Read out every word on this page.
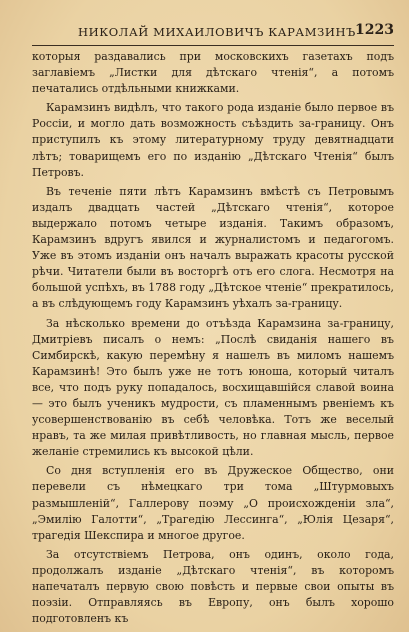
НИКОЛАЙ МИХАИЛОВИЧЪ КАРАМЗИНЪ 1223

которыя раздавались при московскихъ газетахъ подъ заглавіемъ „Листки для дѣтскаго чтенія“, а потомъ печатались отдѣльными книжками.

Карамзинъ видѣлъ, что такого рода изданіе было первое въ Россіи, и могло дать возможность съѣздить за-границу. Онъ приступилъ къ этому литературному труду девятнадцати лѣтъ; товарищемъ его по изданію „Дѣтскаго Чтенія“ былъ Петровъ.

Въ теченіе пяти лѣтъ Карамзинъ вмѣстѣ съ Петровымъ издалъ двадцать частей „Дѣтскаго чтенія“, которое выдержало потомъ четыре изданія. Такимъ образомъ, Карамзинъ вдругъ явился и журналистомъ и педагогомъ. Уже въ этомъ изданіи онъ началъ выражать красоты русской рѣчи. Читатели были въ восторгѣ отъ его слога. Несмотря на большой успѣхъ, въ 1788 году „Дѣтское чтеніе“ прекратилось, а въ слѣдующемъ году Карамзинъ уѣхалъ за-границу.

За нѣсколько времени до отъѣзда Карамзина за-границу, Дмитріевъ писалъ о немъ: „Послѣ свиданія нашего въ Симбирскѣ, какую перемѣну я нашелъ въ миломъ нашемъ Карамзинѣ! Это былъ уже не тотъ юноша, который читалъ все, что подъ руку попадалось, восхищавшійся славой воина— это былъ ученикъ мудрости, съ пламеннымъ рвеніемъ къ усовершенствованію въ себѣ человѣка. Тотъ же веселый нравъ, та же милая привѣтливость, но главная мысль, первое желаніе стремились къ высокой цѣли.

Со дня вступленія его въ Дружеское Общество, они перевели съ нѣмецкаго три тома „Штурмовыхъ размышленій“, Галлерову поэму „О происхожденіи зла“, „Эмилію Галотти“, „Трагедію Лессинга“, „Юлія Цезаря“, трагедія Шекспира и многое другое.

За отсутствіемъ Петрова, онъ одинъ, около года, продолжалъ изданіе „Дѣтскаго чтенія“, въ которомъ напечаталъ первую свою повѣсть и первые свои опыты въ поэзіи. Отправляясь въ Европу, онъ былъ хорошо подготовленъ къ
